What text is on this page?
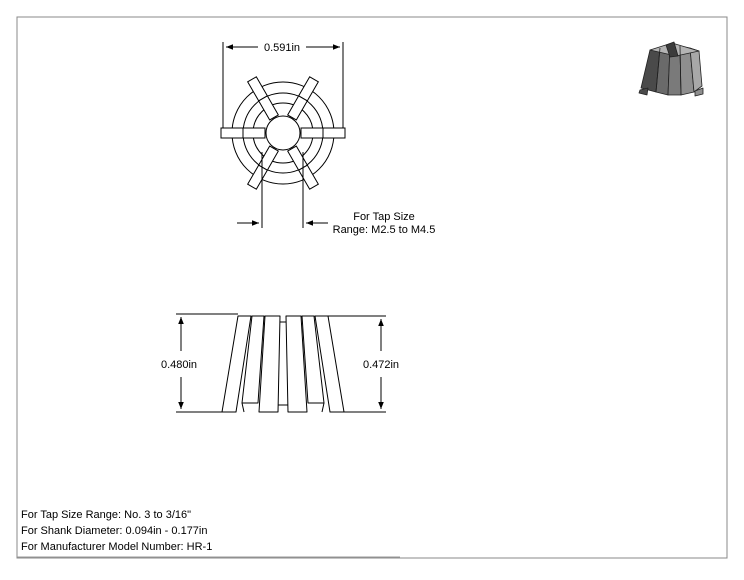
0.591in
For Tap Size
Range: M2.5 to M4.5
0.480in	0.472in
For Tap Size Range: No. 3 to 3/16"
For Shank Diameter: 0.094in - 0.177in
For Manufacturer Model Number: HR-1
